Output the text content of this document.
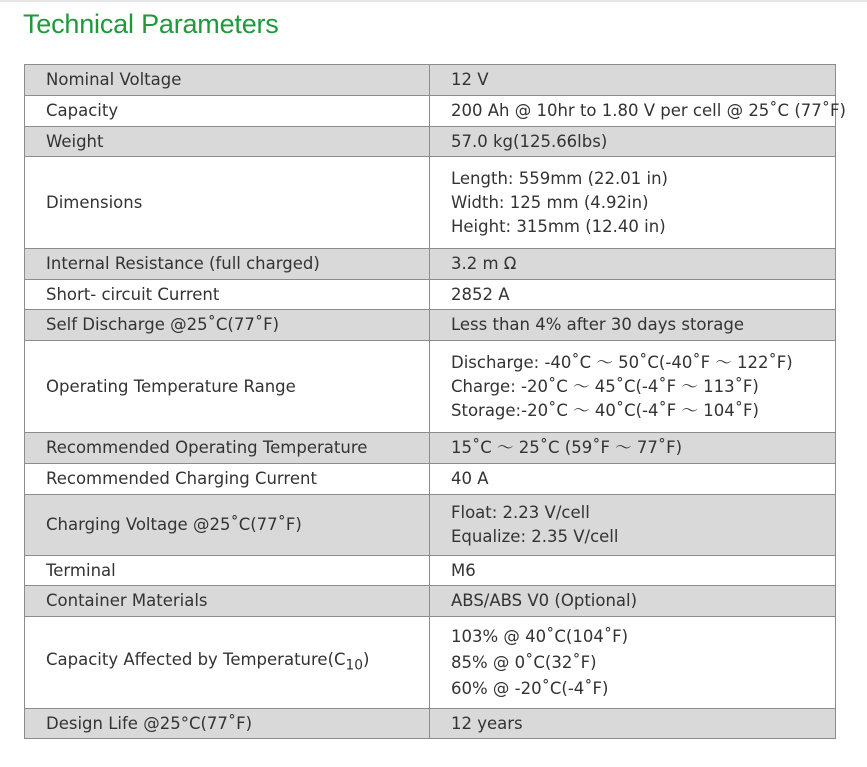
Technical Parameters
Nominal Voltage	12 V

Capacity	200 Ah @ 10hr to 1.80 V per cell @ 25˚C (77˚F)

Weight	57.0 kg(125.66lbs)

Dimensions	Length: 559mm (22.01 in)
Width: 125 mm (4.92in)
Height: 315mm (12.40 in)

Internal Resistance (full charged)	3.2 m Ω

Short- circuit Current	2852 A

Self Discharge @25˚C(77˚F)	Less than 4% after 30 days storage

Operating Temperature Range	Discharge: -40˚C ～ 50˚C(-40˚F ～ 122˚F)
Charge: -20˚C ～ 45˚C(-4˚F ～ 113˚F)
Storage:-20˚C ～ 40˚C(-4˚F ～ 104˚F)

Recommended Operating Temperature	15˚C ～ 25˚C (59˚F ～ 77˚F)

Recommended Charging Current	40 A

Charging Voltage @25˚C(77˚F)	Float: 2.23 V/cell
Equalize: 2.35 V/cell

Terminal	M6

Container Materials	ABS/ABS V0 (Optional)

Capacity Affected by $Temperature(C_{10})$	103% @ 40˚C(104˚F)
85% @ 0˚C(32˚F)
60% @ -20˚C(-4˚F)

Design Life @25°C(77˚F)	12 years
